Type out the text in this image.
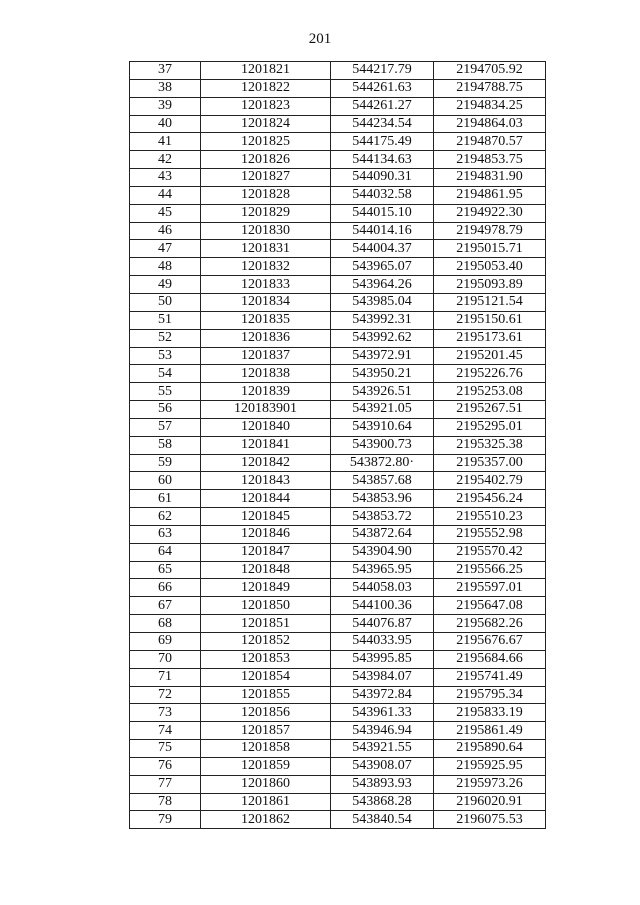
201
37	1201821	544217.79	2194705.92
38	1201822	544261.63	2194788.75
39	1201823	544261.27	2194834.25
40	1201824	544234.54	2194864.03
41	1201825	544175.49	2194870.57
42	1201826	544134.63	2194853.75
43	1201827	544090.31	2194831.90
44	1201828	544032.58	2194861.95
45	1201829	544015.10	2194922.30
46	1201830	544014.16	2194978.79
47	1201831	544004.37	2195015.71
48	1201832	543965.07	2195053.40
49	1201833	543964.26	2195093.89
50	1201834	543985.04	2195121.54
51	1201835	543992.31	2195150.61
52	1201836	543992.62	2195173.61
53	1201837	543972.91	2195201.45
54	1201838	543950.21	2195226.76
55	1201839	543926.51	2195253.08
56	120183901	543921.05	2195267.51
57	1201840	543910.64	2195295.01
58	1201841	543900.73	2195325.38
59	1201842	543872.80·	2195357.00
60	1201843	543857.68	2195402.79
61	1201844	543853.96	2195456.24
62	1201845	543853.72	2195510.23
63	1201846	543872.64	2195552.98
64	1201847	543904.90	2195570.42
65	1201848	543965.95	2195566.25
66	1201849	544058.03	2195597.01
67	1201850	544100.36	2195647.08
68	1201851	544076.87	2195682.26
69	1201852	544033.95	2195676.67
70	1201853	543995.85	2195684.66
71	1201854	543984.07	2195741.49
72	1201855	543972.84	2195795.34
73	1201856	543961.33	2195833.19
74	1201857	543946.94	2195861.49
75	1201858	543921.55	2195890.64
76	1201859	543908.07	2195925.95
77	1201860	543893.93	2195973.26
78	1201861	543868.28	2196020.91
79	1201862	543840.54	2196075.53
